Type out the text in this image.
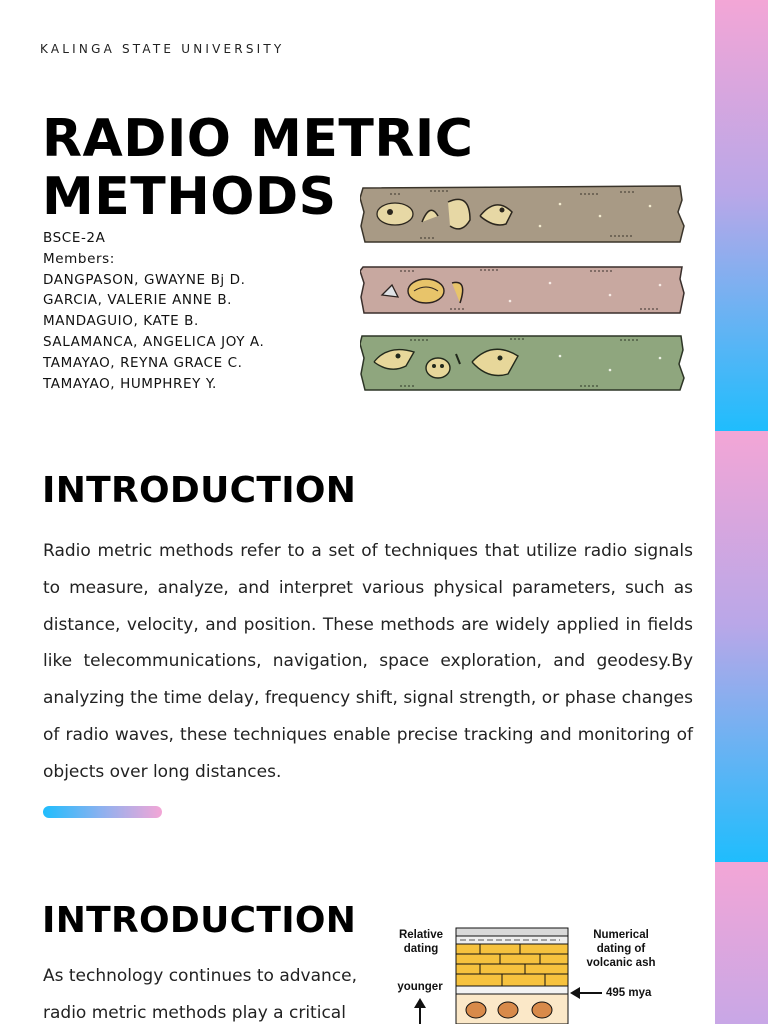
KALINGA STATE UNIVERSITY
RADIO METRIC
METHODS
BSCE-2A
Members:
DANGPASON, GWAYNE Bj D.
GARCIA, VALERIE ANNE B.
MANDAGUIO, KATE B.
SALAMANCA, ANGELICA JOY A.
TAMAYAO, REYNA GRACE C.
TAMAYAO, HUMPHREY Y.
INTRODUCTION

Radio metric methods refer to a set of techniques that utilize radio signals to measure, analyze, and interpret various physical parameters, such as distance, velocity, and position. These methods are widely applied in fields like telecommunications, navigation, space exploration, and geodesy.By analyzing the time delay, frequency shift, signal strength, or phase changes of radio waves, these techniques enable precise tracking and monitoring of objects over long distances.

INTRODUCTION

As technology continues to advance, radio metric methods play a critical

Relative dating
Numerical dating of volcanic ash
younger	495 mya
